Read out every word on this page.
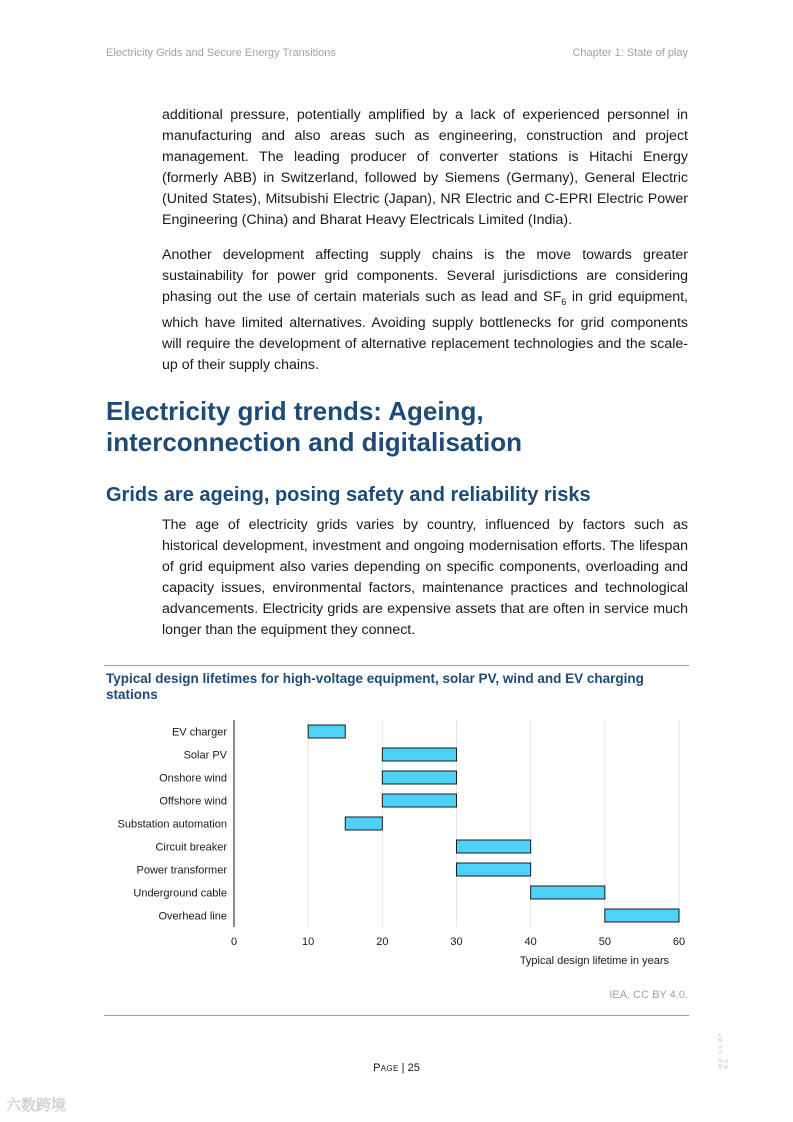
Electricity Grids and Secure Energy Transitions	Chapter 1: State of play

additional pressure, potentially amplified by a lack of experienced personnel in manufacturing and also areas such as engineering, construction and project management. The leading producer of converter stations is Hitachi Energy (formerly ABB) in Switzerland, followed by Siemens (Germany), General Electric (United States), Mitsubishi Electric (Japan), NR Electric and C-EPRI Electric Power Engineering (China) and Bharat Heavy Electricals Limited (India).

Another development affecting supply chains is the move towards greater sustainability for power grid components. Several jurisdictions are considering phasing out the use of certain materials such as lead and $SF_6$ in grid equipment, which have limited alternatives. Avoiding supply bottlenecks for grid components will require the development of alternative replacement technologies and the scale-up of their supply chains.

Electricity grid trends: Ageing,
interconnection and digitalisation
Grids are ageing, posing safety and reliability risks

The age of electricity grids varies by country, influenced by factors such as historical development, investment and ongoing modernisation efforts. The lifespan of grid equipment also varies depending on specific components, overloading and capacity issues, environmental factors, maintenance practices and technological advancements. Electricity grids are expensive assets that are often in service much longer than the equipment they connect.

Typical design lifetimes for high-voltage equipment, solar PV, wind and EV charging stations
EV charger
Solar PV
Onshore wind
Offshore wind
Substation automation
Circuit breaker
Power transformer
Underground cable
Overhead line
0	10	20	30	40	50	60
Typical design lifetime in years
IEA. CC BY 4.0.
IEA. CC BY 4.0.
Page | 25
六数跨境
